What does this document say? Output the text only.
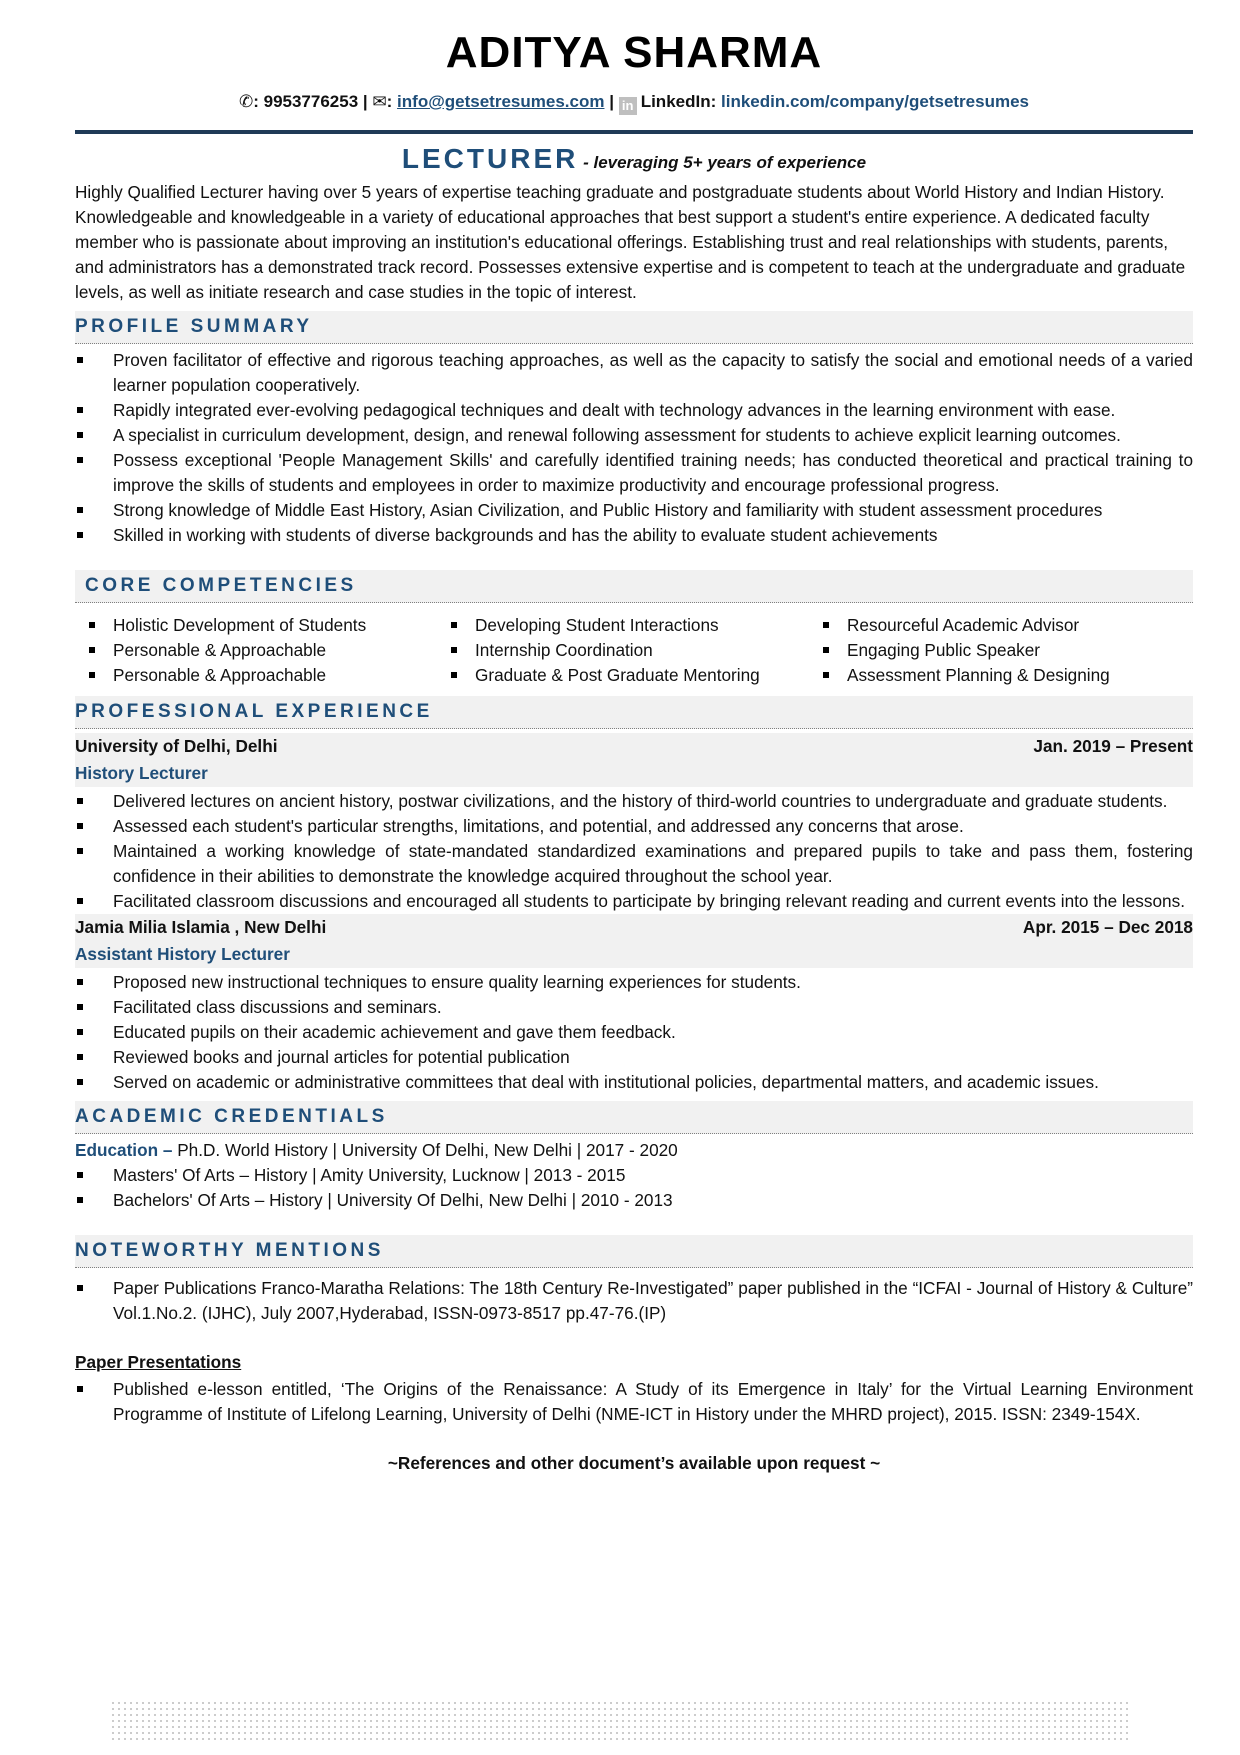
ADITYA SHARMA
✆: 9953776253 | ✉: info@getsetresumes.com | in LinkedIn: linkedin.com/company/getsetresumes
LECTURER - leveraging 5+ years of experience

Highly Qualified Lecturer having over 5 years of expertise teaching graduate and postgraduate students about World History and Indian History. Knowledgeable and knowledgeable in a variety of educational approaches that best support a student's entire experience. A dedicated faculty member who is passionate about improving an institution's educational offerings. Establishing trust and real relationships with students, parents, and administrators has a demonstrated track record. Possesses extensive expertise and is competent to teach at the undergraduate and graduate levels, as well as initiate research and case studies in the topic of interest.

PROFILE SUMMARY
Proven facilitator of effective and rigorous teaching approaches, as well as the capacity to satisfy the social and emotional needs of a varied learner population cooperatively.
Rapidly integrated ever-evolving pedagogical techniques and dealt with technology advances in the learning environment with ease.
A specialist in curriculum development, design, and renewal following assessment for students to achieve explicit learning outcomes.
Possess exceptional 'People Management Skills' and carefully identified training needs; has conducted theoretical and practical training to improve the skills of students and employees in order to maximize productivity and encourage professional progress.
Strong knowledge of Middle East History, Asian Civilization, and Public History and familiarity with student assessment procedures
Skilled in working with students of diverse backgrounds and has the ability to evaluate student achievements
CORE COMPETENCIES
Holistic Development of Students
Personable & Approachable
Personable & Approachable
Developing Student Interactions
Internship Coordination
Graduate & Post Graduate Mentoring
Resourceful Academic Advisor
Engaging Public Speaker
Assessment Planning & Designing
PROFESSIONAL EXPERIENCE
University of Delhi, Delhi	Jan. 2019 – Present
History Lecturer
Delivered lectures on ancient history, postwar civilizations, and the history of third-world countries to undergraduate and graduate students.
Assessed each student's particular strengths, limitations, and potential, and addressed any concerns that arose.
Maintained a working knowledge of state-mandated standardized examinations and prepared pupils to take and pass them, fostering confidence in their abilities to demonstrate the knowledge acquired throughout the school year.
Facilitated classroom discussions and encouraged all students to participate by bringing relevant reading and current events into the lessons.
Jamia Milia Islamia , New Delhi	Apr. 2015 – Dec 2018
Assistant History Lecturer
Proposed new instructional techniques to ensure quality learning experiences for students.
Facilitated class discussions and seminars.
Educated pupils on their academic achievement and gave them feedback.
Reviewed books and journal articles for potential publication
Served on academic or administrative committees that deal with institutional policies, departmental matters, and academic issues.
ACADEMIC CREDENTIALS
Education – Ph.D. World History | University Of Delhi, New Delhi | 2017 - 2020
Masters' Of Arts – History | Amity University, Lucknow | 2013 - 2015
Bachelors' Of Arts – History | University Of Delhi, New Delhi | 2010 - 2013
NOTEWORTHY MENTIONS
Paper Publications Franco-Maratha Relations: The 18th Century Re-Investigated” paper published in the “ICFAI - Journal of History & Culture” Vol.1.No.2. (IJHC), July 2007,Hyderabad, ISSN-0973-8517 pp.47-76.(IP)
Paper Presentations
Published e-lesson entitled, ‘The Origins of the Renaissance: A Study of its Emergence in Italy’ for the Virtual Learning Environment Programme of Institute of Lifelong Learning, University of Delhi (NME-ICT in History under the MHRD project), 2015. ISSN: 2349-154X.
~References and other document’s available upon request ~
